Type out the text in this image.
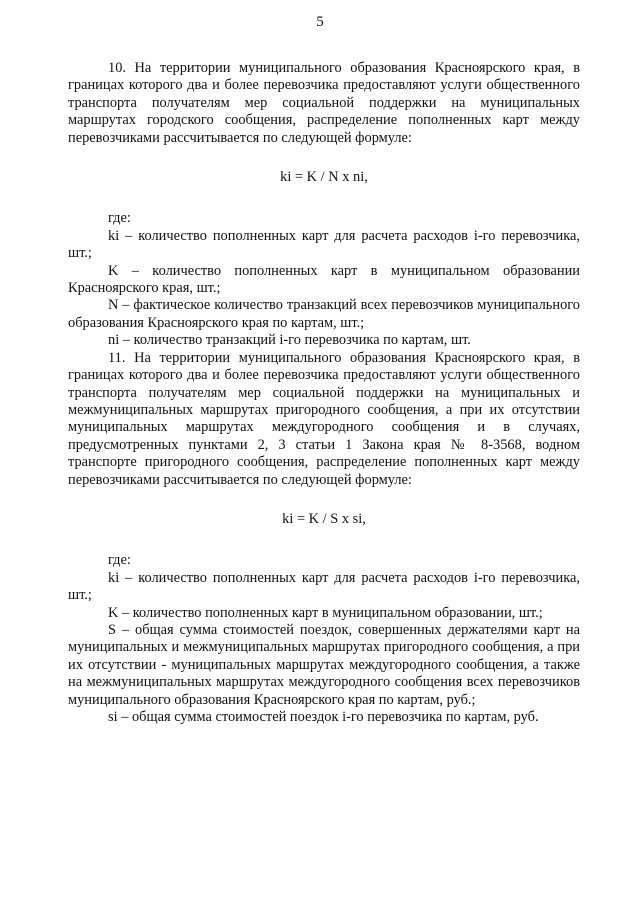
5

10. На территории муниципального образования Красноярского края, в границах которого два и более перевозчика предоставляют услуги общественного транспорта получателям мер социальной поддержки на муниципальных маршрутах городского сообщения, распределение пополненных карт между перевозчиками рассчитывается по следующей формуле:

ki = K / N x ni,

где:

ki – количество пополненных карт для расчета расходов i-го перевозчика, шт.;

K – количество пополненных карт в муниципальном образовании Красноярского края, шт.;

N – фактическое количество транзакций всех перевозчиков муниципального образования Красноярского края по картам, шт.;

ni – количество транзакций i-го перевозчика по картам, шт.

11. На территории муниципального образования Красноярского края, в границах которого два и более перевозчика предоставляют услуги общественного транспорта получателям мер социальной поддержки на муниципальных и межмуниципальных маршрутах пригородного сообщения, а при их отсутствии муниципальных маршрутах междугородного сообщения и в случаях, предусмотренных пунктами 2, 3 статьи 1 Закона края № 8-3568, водном транспорте пригородного сообщения, распределение пополненных карт между перевозчиками рассчитывается по следующей формуле:

ki = K / S x si,

где:

ki – количество пополненных карт для расчета расходов i-го перевозчика, шт.;

K – количество пополненных карт в муниципальном образовании, шт.;

S – общая сумма стоимостей поездок, совершенных держателями карт на муниципальных и межмуниципальных маршрутах пригородного сообщения, а при их отсутствии - муниципальных маршрутах междугородного сообщения, а также на межмуниципальных маршрутах междугородного сообщения всех перевозчиков муниципального образования Красноярского края по картам, руб.;

si – общая сумма стоимостей поездок i-го перевозчика по картам, руб.
